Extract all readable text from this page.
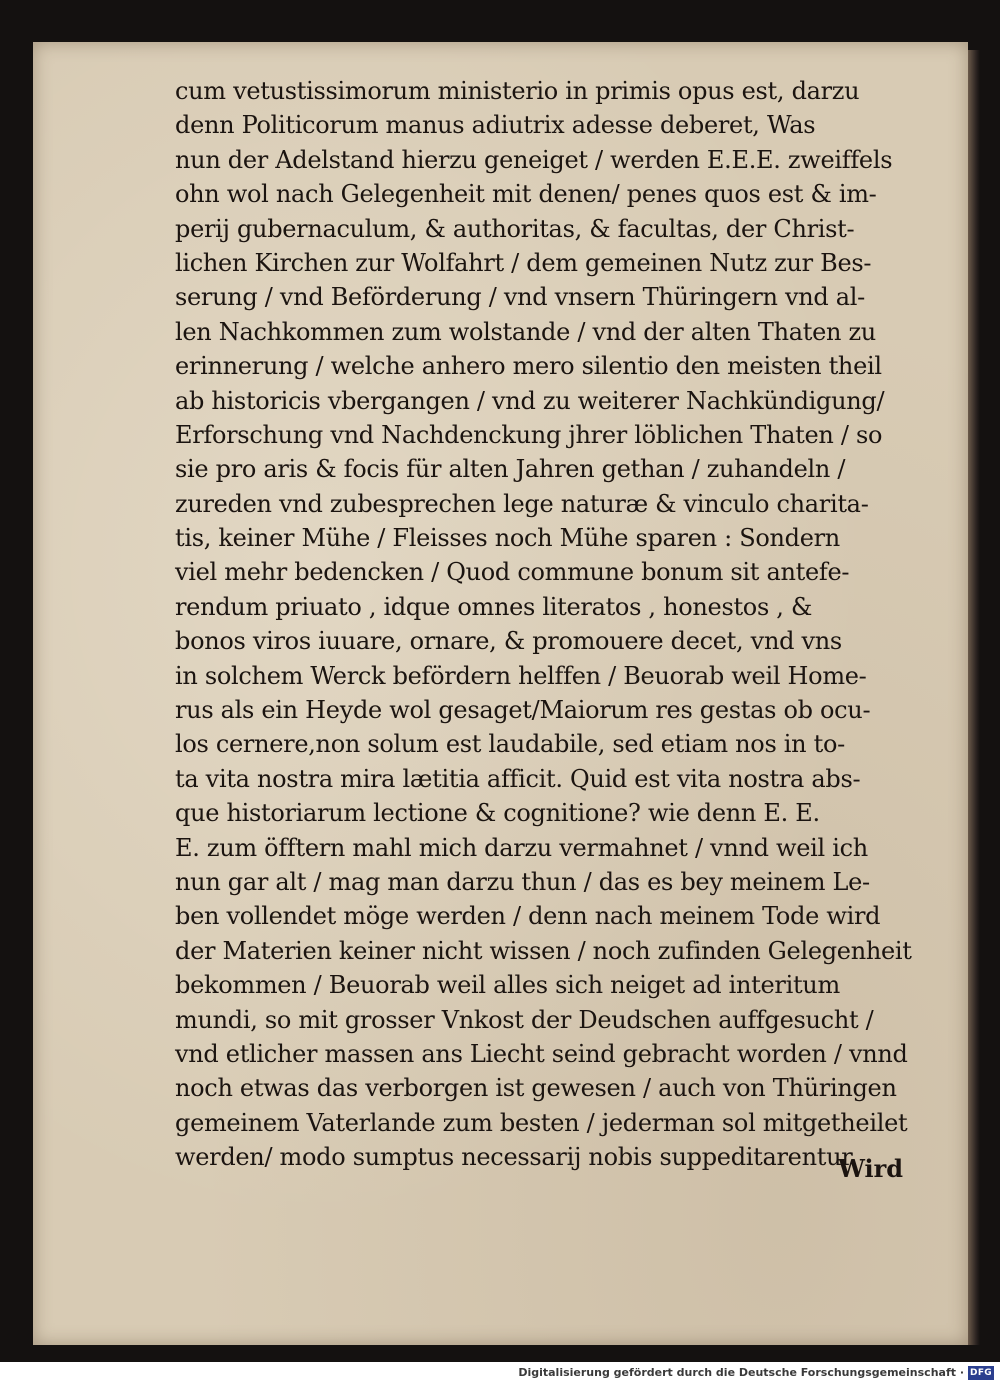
cum vetustissimorum ministerio in primis opus est, darzu
denn Politicorum manus adiutrix adesse deberet, Was
nun der Adelstand hierzu geneiget / werden E.E.E. zweiffels
ohn wol nach Gelegenheit mit denen/ penes quos est & im-
perij gubernaculum, & authoritas, & facultas, der Christ-
lichen Kirchen zur Wolfahrt / dem gemeinen Nutz zur Bes-
serung / vnd Beförderung / vnd vnsern Thüringern vnd al-
len Nachkommen zum wolstande / vnd der alten Thaten zu
erinnerung / welche anhero mero silentio den meisten theil
ab historicis vbergangen / vnd zu weiterer Nachkündigung/
Erforschung vnd Nachdenckung jhrer löblichen Thaten / so
sie pro aris & focis für alten Jahren gethan / zuhandeln /
zureden vnd zubesprechen lege naturæ & vinculo charita-
tis, keiner Mühe / Fleisses noch Mühe sparen : Sondern
viel mehr bedencken / Quod commune bonum sit antefe-
rendum priuato , idque omnes literatos , honestos , &
bonos viros iuuare, ornare, & promouere decet, vnd vns
in solchem Werck befördern helffen / Beuorab weil Home-
rus als ein Heyde wol gesaget/Maiorum res gestas ob ocu-
los cernere,non solum est laudabile, sed etiam nos in to-
ta vita nostra mira lætitia afficit. Quid est vita nostra abs-
que historiarum lectione & cognitione? wie denn E. E.
E. zum öfftern mahl mich darzu vermahnet / vnnd weil ich
nun gar alt / mag man darzu thun / das es bey meinem Le-
ben vollendet möge werden / denn nach meinem Tode wird
der Materien keiner nicht wissen / noch zufinden Gelegenheit
bekommen / Beuorab weil alles sich neiget ad interitum
mundi, so mit grosser Vnkost der Deudschen auffgesucht /
vnd etlicher massen ans Liecht seind gebracht worden / vnnd
noch etwas das verborgen ist gewesen / auch von Thüringen
gemeinem Vaterlande zum besten / jederman sol mitgetheilet
werden/ modo sumptus necessarij nobis suppeditarentur.
Wird
Digitalisierung gefördert durch die Deutsche Forschungsgemeinschaft · DFG
